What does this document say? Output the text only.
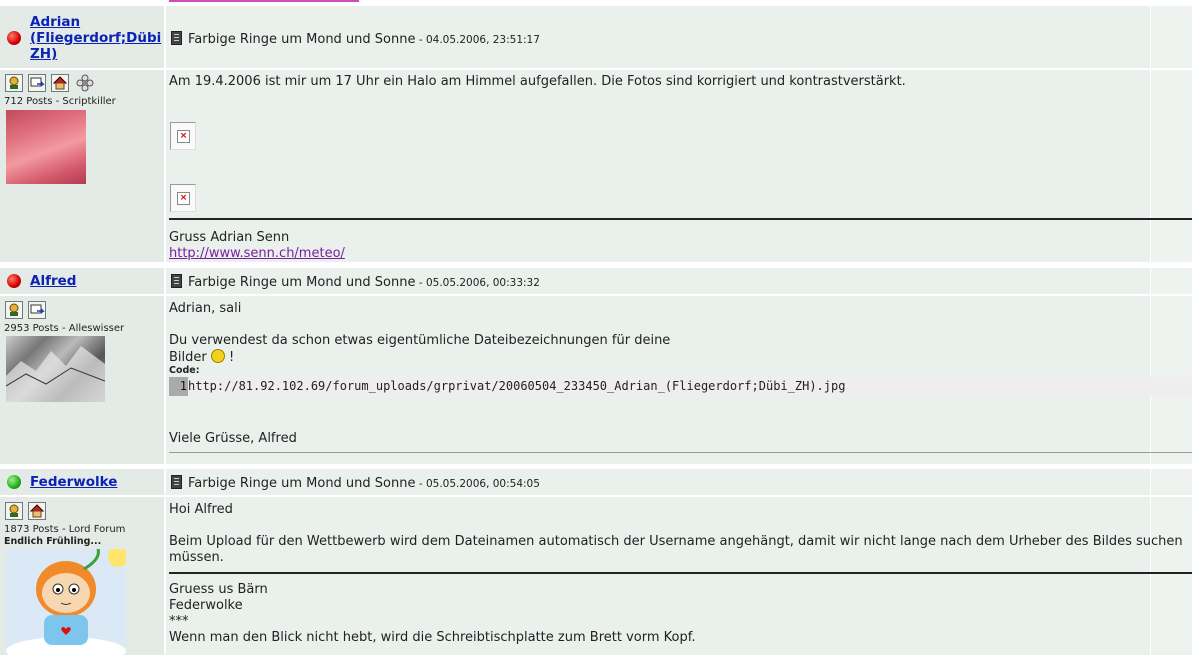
Adrian
(Fliegerdorf;Dübi
ZH)
Farbige Ringe um Mond und Sonne - 04.05.2006, 23:51:17
712 Posts - Scriptkiller
Am 19.4.2006 ist mir um 17 Uhr ein Halo am Himmel aufgefallen. Die Fotos sind korrigiert und kontrastverstärkt.
×
×
Gruss Adrian Senn
http://www.senn.ch/meteo/
Alfred	Farbige Ringe um Mond und Sonne - 05.05.2006, 00:33:32
2953 Posts - Alleswisser
Adrian, sali
Du verwendest da schon etwas eigentümliche Dateibezeichnungen für deine
Bilder !
Code:
1http://81.92.102.69/forum_uploads/grprivat/20060504_233450_Adrian_(Fliegerdorf;Dübi_ZH).jpg
Viele Grüsse, Alfred
Federwolke	Farbige Ringe um Mond und Sonne - 05.05.2006, 00:54:05
1873 Posts - Lord Forum
Endlich Frühling...
Hoi Alfred
Beim Upload für den Wettbewerb wird dem Dateinamen automatisch der Username angehängt, damit wir nicht lange nach dem Urheber des Bildes suchen müssen.
Gruess us Bärn
Federwolke
***
Wenn man den Blick nicht hebt, wird die Schreibtischplatte zum Brett vorm Kopf.
